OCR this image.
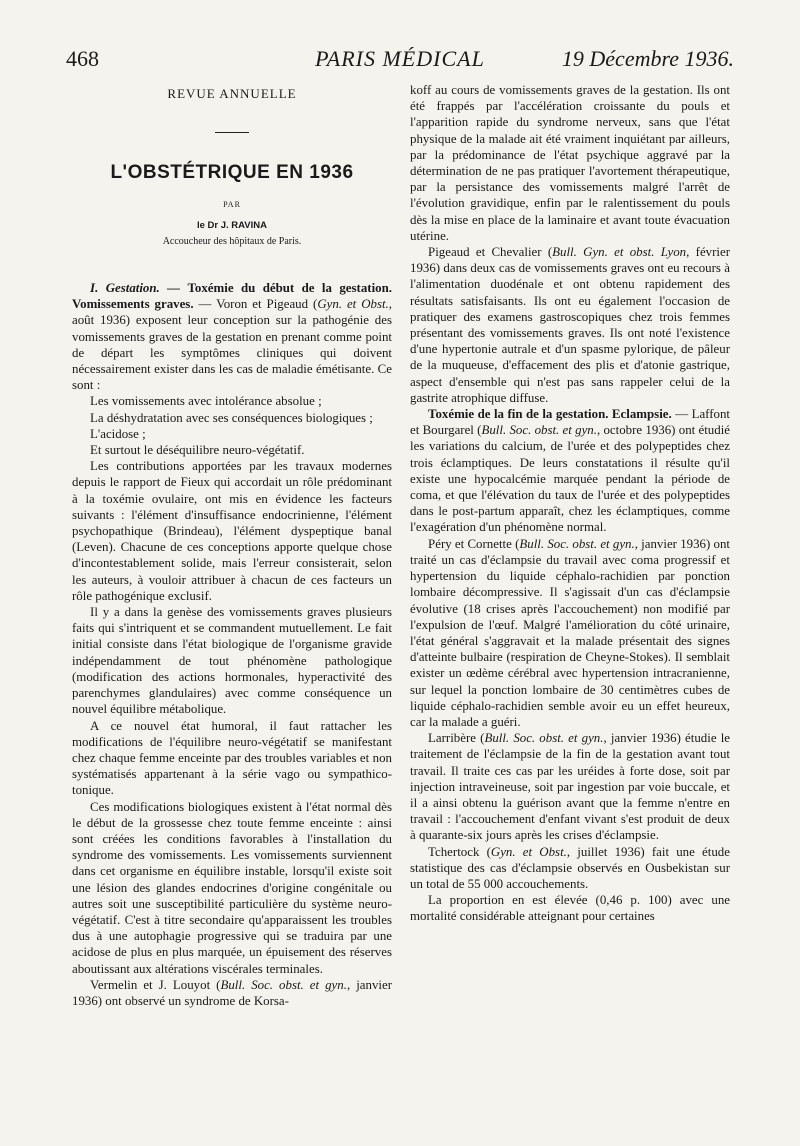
468	PARIS MÉDICAL	19 Décembre 1936.
REVUE ANNUELLE
L'OBSTÉTRIQUE EN 1936
PAR
le Dr J. RAVINA
Accoucheur des hôpitaux de Paris.

I. Gestation. — Toxémie du début de la gestation. Vomissements graves. — Voron et Pigeaud (Gyn. et Obst., août 1936) exposent leur conception sur la pathogénie des vomissements graves de la gestation en prenant comme point de départ les symptômes cliniques qui doivent nécessairement exister dans les cas de maladie émétisante. Ce sont :

Les vomissements avec intolérance absolue ;

La déshydratation avec ses conséquences biologiques ;

L'acidose ;

Et surtout le déséquilibre neuro-végétatif.

Les contributions apportées par les travaux modernes depuis le rapport de Fieux qui accordait un rôle prédominant à la toxémie ovulaire, ont mis en évidence les facteurs suivants : l'élément d'insuffisance endocrinienne, l'élément psychopathique (Brindeau), l'élément dyspeptique banal (Leven). Chacune de ces conceptions apporte quelque chose d'incontestablement solide, mais l'erreur consisterait, selon les auteurs, à vouloir attribuer à chacun de ces facteurs un rôle pathogénique exclusif.

Il y a dans la genèse des vomissements graves plusieurs faits qui s'intriquent et se commandent mutuellement. Le fait initial consiste dans l'état biologique de l'organisme gravide indépendamment de tout phénomène pathologique (modification des actions hormonales, hyperactivité des parenchymes glandulaires) avec comme conséquence un nouvel équilibre métabolique.

A ce nouvel état humoral, il faut rattacher les modifications de l'équilibre neuro-végétatif se manifestant chez chaque femme enceinte par des troubles variables et non systématisés appartenant à la série vago ou sympathico-tonique.

Ces modifications biologiques existent à l'état normal dès le début de la grossesse chez toute femme enceinte : ainsi sont créées les conditions favorables à l'installation du syndrome des vomissements. Les vomissements surviennent dans cet organisme en équilibre instable, lorsqu'il existe soit une lésion des glandes endocrines d'origine congénitale ou autres soit une susceptibilité particulière du système neuro-végétatif. C'est à titre secondaire qu'apparaissent les troubles dus à une autophagie progressive qui se traduira par une acidose de plus en plus marquée, un épuisement des réserves aboutissant aux altérations viscérales terminales.

Vermelin et J. Louyot (Bull. Soc. obst. et gyn., janvier 1936) ont observé un syndrome de Korsa-

koff au cours de vomissements graves de la gestation. Ils ont été frappés par l'accélération croissante du pouls et l'apparition rapide du syndrome nerveux, sans que l'état physique de la malade ait été vraiment inquiétant par ailleurs, par la prédominance de l'état psychique aggravé par la détermination de ne pas pratiquer l'avortement thérapeutique, par la persistance des vomissements malgré l'arrêt de l'évolution gravidique, enfin par le ralentissement du pouls dès la mise en place de la laminaire et avant toute évacuation utérine.

Pigeaud et Chevalier (Bull. Gyn. et obst. Lyon, février 1936) dans deux cas de vomissements graves ont eu recours à l'alimentation duodénale et ont obtenu rapidement des résultats satisfaisants. Ils ont eu également l'occasion de pratiquer des examens gastroscopiques chez trois femmes présentant des vomissements graves. Ils ont noté l'existence d'une hypertonie autrale et d'un spasme pylorique, de pâleur de la muqueuse, d'effacement des plis et d'atonie gastrique, aspect d'ensemble qui n'est pas sans rappeler celui de la gastrite atrophique diffuse.

Toxémie de la fin de la gestation. Eclampsie. — Laffont et Bourgarel (Bull. Soc. obst. et gyn., octobre 1936) ont étudié les variations du calcium, de l'urée et des polypeptides chez trois éclamptiques. De leurs constatations il résulte qu'il existe une hypocalcémie marquée pendant la période de coma, et que l'élévation du taux de l'urée et des polypeptides dans le post-partum apparaît, chez les éclamptiques, comme l'exagération d'un phénomène normal.

Péry et Cornette (Bull. Soc. obst. et gyn., janvier 1936) ont traité un cas d'éclampsie du travail avec coma progressif et hypertension du liquide céphalo-rachidien par ponction lombaire décompressive. Il s'agissait d'un cas d'éclampsie évolutive (18 crises après l'accouchement) non modifié par l'expulsion de l'œuf. Malgré l'amélioration du côté urinaire, l'état général s'aggravait et la malade présentait des signes d'atteinte bulbaire (respiration de Cheyne-Stokes). Il semblait exister un œdème cérébral avec hypertension intracranienne, sur lequel la ponction lombaire de 30 centimètres cubes de liquide céphalo-rachidien semble avoir eu un effet heureux, car la malade a guéri.

Larribère (Bull. Soc. obst. et gyn., janvier 1936) étudie le traitement de l'éclampsie de la fin de la gestation avant tout travail. Il traite ces cas par les uréides à forte dose, soit par injection intraveineuse, soit par ingestion par voie buccale, et il a ainsi obtenu la guérison avant que la femme n'entre en travail : l'accouchement d'enfant vivant s'est produit de deux à quarante-six jours après les crises d'éclampsie.

Tchertock (Gyn. et Obst., juillet 1936) fait une étude statistique des cas d'éclampsie observés en Ousbekistan sur un total de 55 000 accouchements.

La proportion en est élevée (0,46 p. 100) avec une mortalité considérable atteignant pour certaines
